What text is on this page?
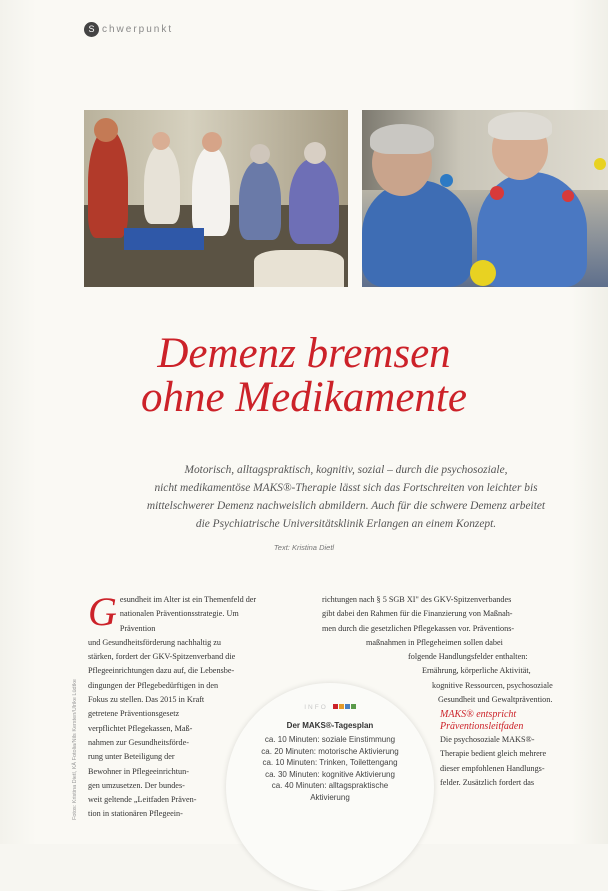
S chwerpunkt
Demenz bremsen
ohne Medikamente
Motorisch, alltagspraktisch, kognitiv, sozial – durch die psychosoziale,
nicht medikamentöse MAKS®-Therapie lässt sich das Fortschreiten von leichter bis
mittelschwerer Demenz nachweislich abmildern. Auch für die schwere Demenz arbeitet
die Psychiatrische Universitätsklinik Erlangen an einem Konzept.
Text: Kristina Dietl
Fotos: Kristina Dietl, KÄ Fotolia/Nils Kersten/Ulrike Lüdtke
G esundheit im Alter ist ein Themenfeld der
nationalen Präventionsstrategie. Um Prävention
und Gesundheitsförderung nachhaltig zu
stärken, fordert der GKV-Spitzenverband die
Pflegeeinrichtungen dazu auf, die Lebensbe-
dingungen der Pflegebedürftigen in den
Fokus zu stellen. Das 2015 in Kraft
getretene Präventionsgesetz
verpflichtet Pflegekassen, Maß-
nahmen zur Gesundheitsförde-
rung unter Beteiligung der
Bewohner in Pflegeeinrichtun-
gen umzusetzen. Der bundes-
weit geltende „Leitfaden Präven-
tion in stationären Pflegeein-
richtungen nach § 5 SGB XI" des GKV-Spitzenverbandes
gibt dabei den Rahmen für die Finanzierung von Maßnah-
men durch die gesetzlichen Pflegekassen vor. Präventions-
maßnahmen in Pflegeheimen sollen dabei
folgende Handlungsfelder enthalten:
Ernährung, körperliche Aktivität,
kognitive Ressourcen, psychosoziale
Gesundheit und Gewaltprävention.
MAKS® entspricht
Präventionsleitfaden
Die psychosoziale MAKS®-
Therapie bedient gleich mehrere
dieser empfohlenen Handlungs-
felder. Zusätzlich fordert das
INFO
Der MAKS®-Tagesplan
ca. 10 Minuten: soziale Einstimmung
ca. 20 Minuten: motorische Aktivierung
ca. 10 Minuten: Trinken, Toilettengang
ca. 30 Minuten: kognitive Aktivierung
ca. 40 Minuten: alltagspraktische
Aktivierung
